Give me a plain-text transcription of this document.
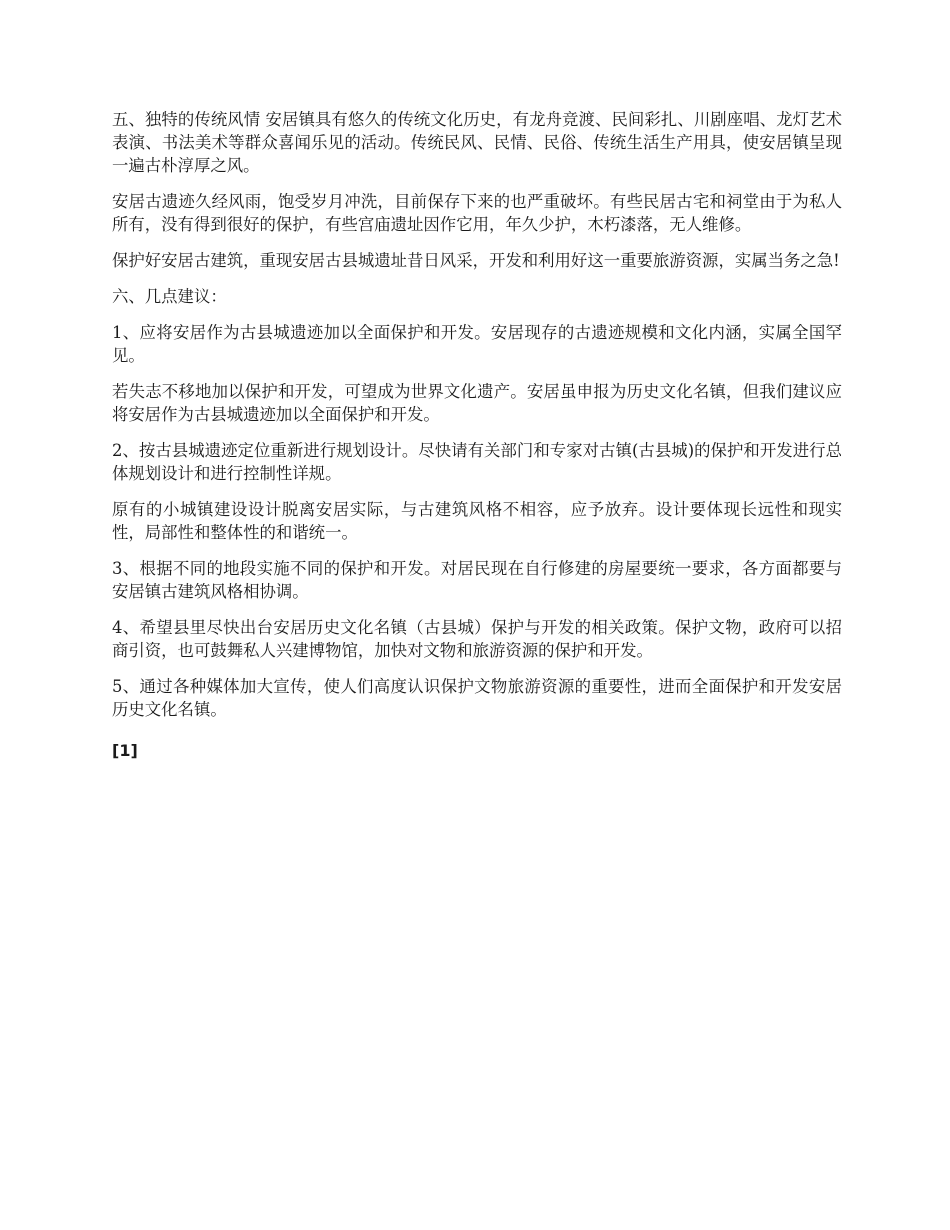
五、独特的传统风情 安居镇具有悠久的传统文化历史，有龙舟竞渡、民间彩扎、川剧座唱、龙灯艺术表演、书法美术等群众喜闻乐见的活动。传统民风、民情、民俗、传统生活生产用具，使安居镇呈现一遍古朴淳厚之风。

安居古遗迹久经风雨，饱受岁月冲洗，目前保存下来的也严重破坏。有些民居古宅和祠堂由于为私人所有，没有得到很好的保护，有些宫庙遗址因作它用，年久少护，木朽漆落，无人维修。

保护好安居古建筑，重现安居古县城遗址昔日风采，开发和利用好这一重要旅游资源，实属当务之急!

六、几点建议：

1、应将安居作为古县城遗迹加以全面保护和开发。安居现存的古遗迹规模和文化内涵，实属全国罕见。

若失志不移地加以保护和开发，可望成为世界文化遗产。安居虽申报为历史文化名镇，但我们建议应将安居作为古县城遗迹加以全面保护和开发。

2、按古县城遗迹定位重新进行规划设计。尽快请有关部门和专家对古镇(古县城)的保护和开发进行总体规划设计和进行控制性详规。

原有的小城镇建设设计脱离安居实际，与古建筑风格不相容，应予放弃。设计要体现长远性和现实性，局部性和整体性的和谐统一。

3、根据不同的地段实施不同的保护和开发。对居民现在自行修建的房屋要统一要求，各方面都要与安居镇古建筑风格相协调。

4、希望县里尽快出台安居历史文化名镇（古县城）保护与开发的相关政策。保护文物，政府可以招商引资，也可鼓舞私人兴建博物馆，加快对文物和旅游资源的保护和开发。

5、通过各种媒体加大宣传，使人们高度认识保护文物旅游资源的重要性，进而全面保护和开发安居历史文化名镇。

[1]
